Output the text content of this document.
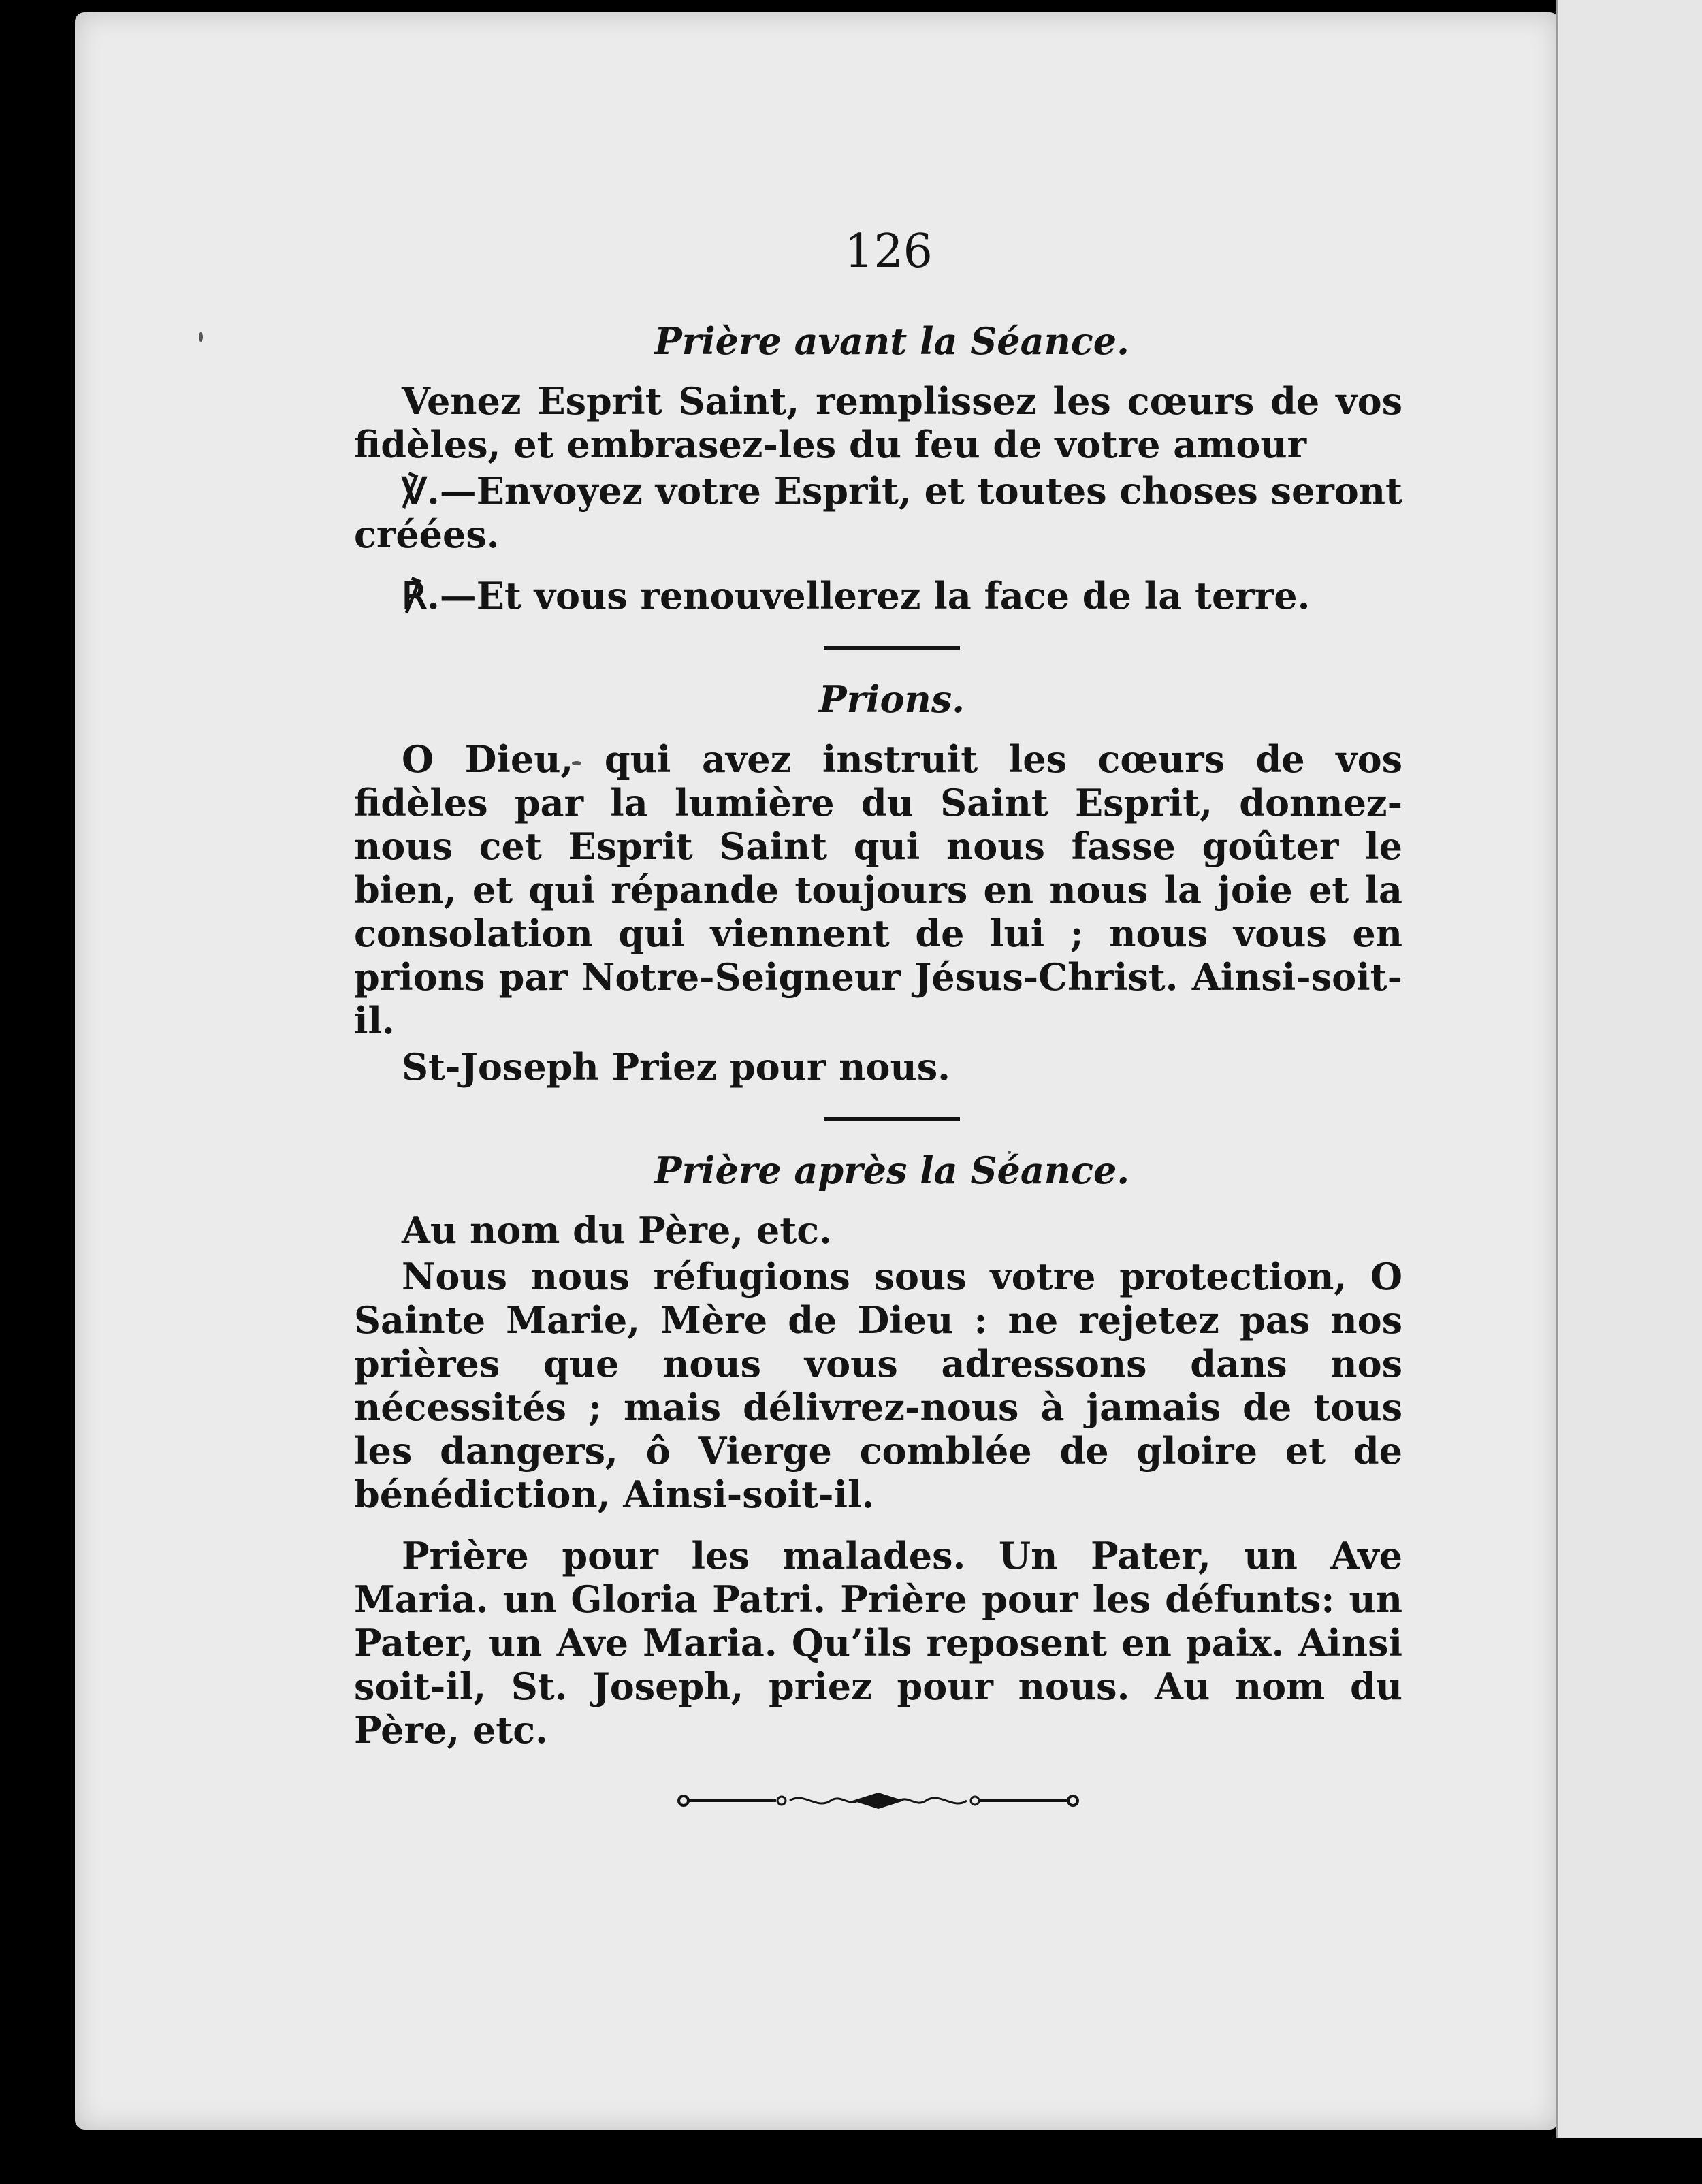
126
Prière avant la Séance.

Venez Esprit Saint, remplissez les cœurs de vos fidèles, et embrasez-les du feu de votre amour

℣.—Envoyez votre Esprit, et toutes choses seront créées.

℟.—Et vous renouvellerez la face de la terre.

Prions.

O Dieu, qui avez instruit les cœurs de vos fidèles par la lumière du Saint Esprit, donnez-nous cet Esprit Saint qui nous fasse goûter le bien, et qui répande toujours en nous la joie et la consolation qui viennent de lui ; nous vous en prions par Notre-Seigneur Jésus-Christ. Ainsi-soit-il.

St-Joseph Priez pour nous.

Prière après la Séance.

Au nom du Père, etc.

Nous nous réfugions sous votre protection, O Sainte Marie, Mère de Dieu : ne rejetez pas nos prières que nous vous adressons dans nos nécessités ; mais délivrez-nous à jamais de tous les dangers, ô Vierge comblée de gloire et de bénédiction, Ainsi-soit-il.

Prière pour les malades. Un Pater, un Ave Maria. un Gloria Patri. Prière pour les défunts: un Pater, un Ave Maria. Qu’ils reposent en paix. Ainsi soit-il, St. Joseph, priez pour nous. Au nom du Père, etc.
